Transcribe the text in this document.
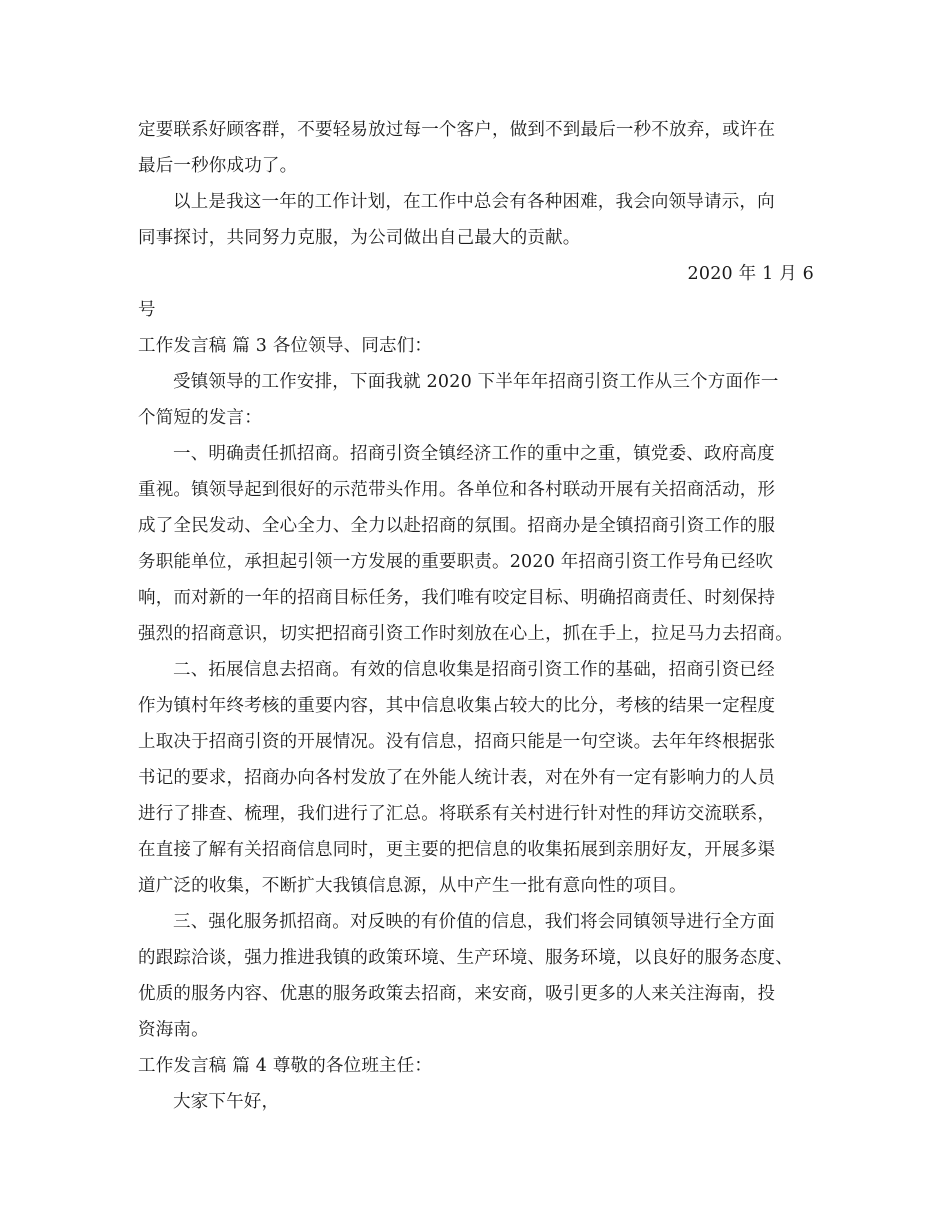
定要联系好顾客群，不要轻易放过每一个客户，做到不到最后一秒不放弃，或许在
最后一秒你成功了。
以上是我这一年的工作计划，在工作中总会有各种困难，我会向领导请示，向
同事探讨，共同努力克服，为公司做出自己最大的贡献。
2020 年 1 月 6
号
工作发言稿 篇 3 各位领导、同志们：
受镇领导的工作安排，下面我就 2020 下半年年招商引资工作从三个方面作一
个简短的发言：
一、明确责任抓招商。招商引资全镇经济工作的重中之重，镇党委、政府高度
重视。镇领导起到很好的示范带头作用。各单位和各村联动开展有关招商活动，形
成了全民发动、全心全力、全力以赴招商的氛围。招商办是全镇招商引资工作的服
务职能单位，承担起引领一方发展的重要职责。2020 年招商引资工作号角已经吹
响，而对新的一年的招商目标任务，我们唯有咬定目标、明确招商责任、时刻保持
强烈的招商意识，切实把招商引资工作时刻放在心上，抓在手上，拉足马力去招商。
二、拓展信息去招商。有效的信息收集是招商引资工作的基础，招商引资已经
作为镇村年终考核的重要内容，其中信息收集占较大的比分，考核的结果一定程度
上取决于招商引资的开展情况。没有信息，招商只能是一句空谈。去年年终根据张
书记的要求，招商办向各村发放了在外能人统计表，对在外有一定有影响力的人员
进行了排查、梳理，我们进行了汇总。将联系有关村进行针对性的拜访交流联系，
在直接了解有关招商信息同时，更主要的把信息的收集拓展到亲朋好友，开展多渠
道广泛的收集，不断扩大我镇信息源，从中产生一批有意向性的项目。
三、强化服务抓招商。对反映的有价值的信息，我们将会同镇领导进行全方面
的跟踪洽谈，强力推进我镇的政策环境、生产环境、服务环境，以良好的服务态度、
优质的服务内容、优惠的服务政策去招商，来安商，吸引更多的人来关注海南，投
资海南。
工作发言稿 篇 4 尊敬的各位班主任：
大家下午好，
